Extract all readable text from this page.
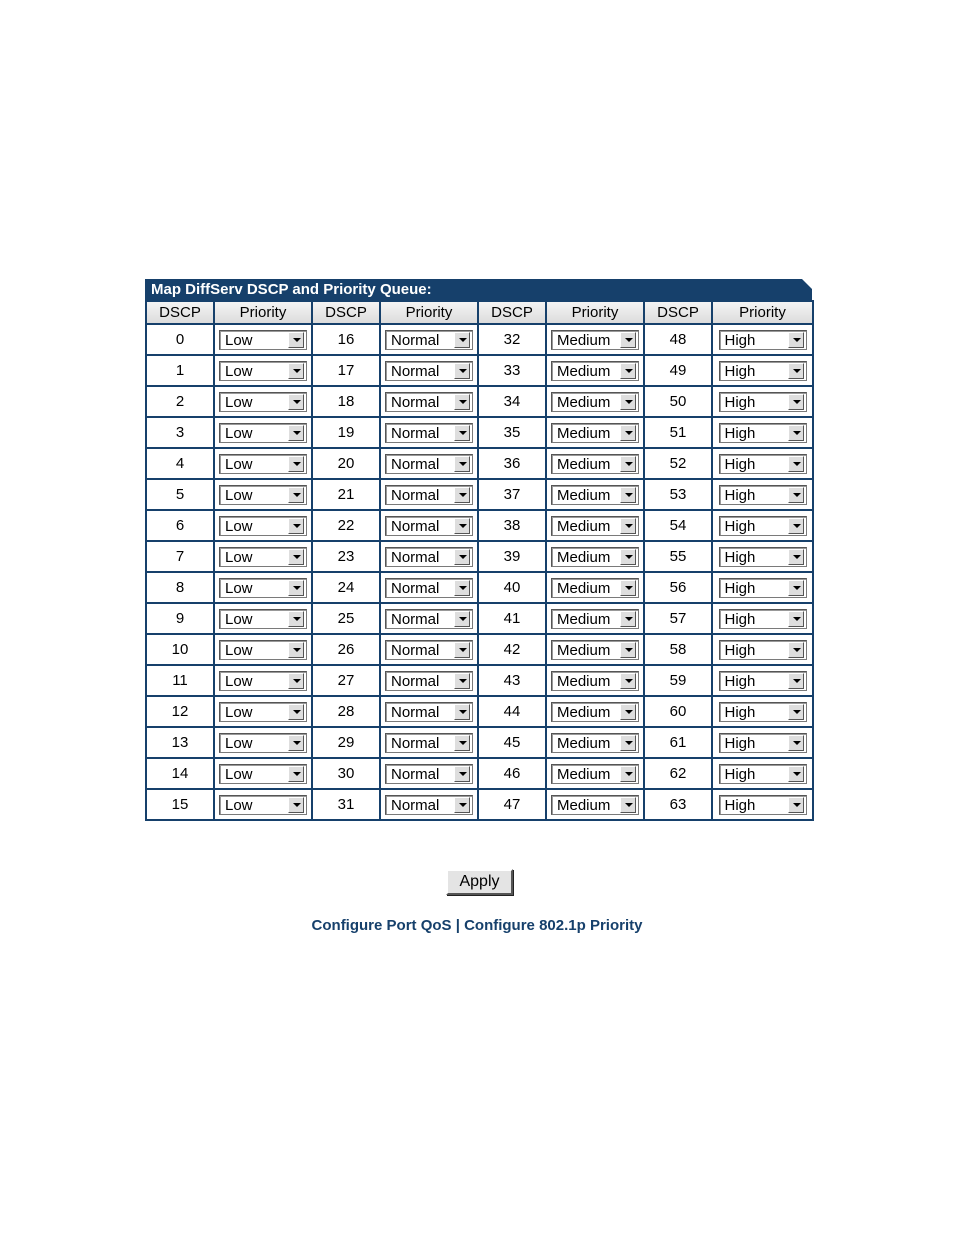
Map DiffServ DSCP and Priority Queue:
DSCP	Priority	DSCP	Priority	DSCP	Priority	DSCP	Priority
0	Low	16	Normal	32	Medium	48	High

1	Low	17	Normal	33	Medium	49	High

2	Low	18	Normal	34	Medium	50	High

3	Low	19	Normal	35	Medium	51	High

4	Low	20	Normal	36	Medium	52	High

5	Low	21	Normal	37	Medium	53	High

6	Low	22	Normal	38	Medium	54	High

7	Low	23	Normal	39	Medium	55	High

8	Low	24	Normal	40	Medium	56	High

9	Low	25	Normal	41	Medium	57	High

10	Low	26	Normal	42	Medium	58	High

11	Low	27	Normal	43	Medium	59	High

12	Low	28	Normal	44	Medium	60	High

13	Low	29	Normal	45	Medium	61	High

14	Low	30	Normal	46	Medium	62	High

15	Low	31	Normal	47	Medium	63	High
Apply
Configure Port QoS | Configure 802.1p Priority
